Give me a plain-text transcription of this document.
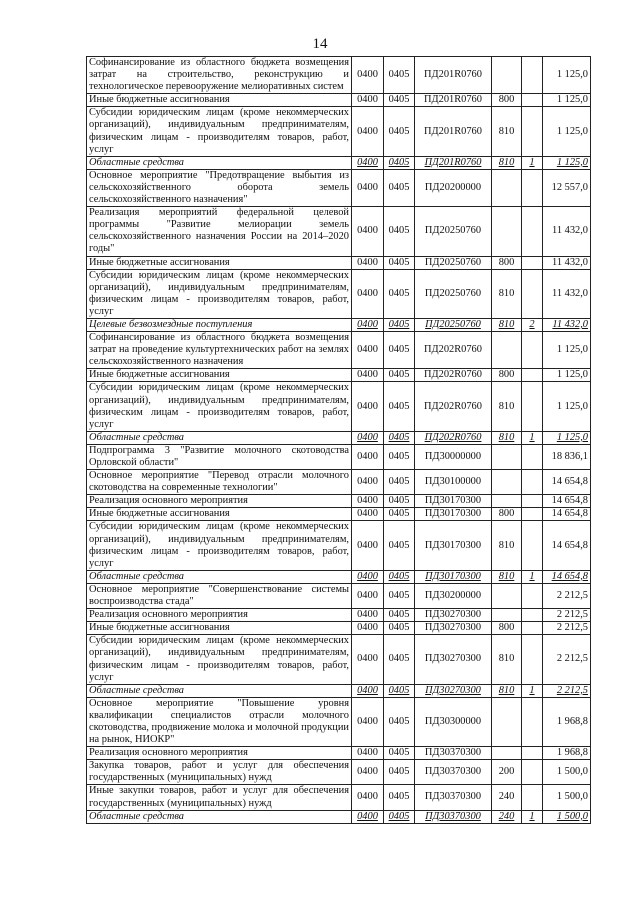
14
Софинансирование из областного бюджета возмещения затрат на строительство, реконструкцию и технологическое перевооружение мелиоративных систем	0400	0405	ПД201R0760			1 125,0
Иные бюджетные ассигнования	0400	0405	ПД201R0760	800		1 125,0
Субсидии юридическим лицам (кроме некоммерческих организаций), индивидуальным предпринимателям, физическим лицам - производителям товаров, работ, услуг	0400	0405	ПД201R0760	810		1 125,0
Областные средства	0400	0405	ПД201R0760	810	1	1 125,0
Основное мероприятие "Предотвращение выбытия из сельскохозяйственного оборота земель сельскохозяйственного назначения"	0400	0405	ПД20200000			12 557,0
Реализация мероприятий федеральной целевой программы "Развитие мелиорации земель сельскохозяйственного назначения России на 2014–2020 годы"	0400	0405	ПД20250760			11 432,0
Иные бюджетные ассигнования	0400	0405	ПД20250760	800		11 432,0
Субсидии юридическим лицам (кроме некоммерческих организаций), индивидуальным предпринимателям, физическим лицам - производителям товаров, работ, услуг	0400	0405	ПД20250760	810		11 432,0
Целевые безвозмездные поступления	0400	0405	ПД20250760	810	2	11 432,0
Софинансирование из областного бюджета возмещения затрат на проведение культуртехнических работ на землях сельскохозяйственного назначения	0400	0405	ПД202R0760			1 125,0
Иные бюджетные ассигнования	0400	0405	ПД202R0760	800		1 125,0
Субсидии юридическим лицам (кроме некоммерческих организаций), индивидуальным предпринимателям, физическим лицам - производителям товаров, работ, услуг	0400	0405	ПД202R0760	810		1 125,0
Областные средства	0400	0405	ПД202R0760	810	1	1 125,0
Подпрограмма 3 "Развитие молочного скотоводства Орловской области"	0400	0405	ПД30000000			18 836,1
Основное мероприятие "Перевод отрасли молочного скотоводства на современные технологии"	0400	0405	ПД30100000			14 654,8
Реализация основного мероприятия	0400	0405	ПД30170300			14 654,8
Иные бюджетные ассигнования	0400	0405	ПД30170300	800		14 654,8
Субсидии юридическим лицам (кроме некоммерческих организаций), индивидуальным предпринимателям, физическим лицам - производителям товаров, работ, услуг	0400	0405	ПД30170300	810		14 654,8
Областные средства	0400	0405	ПД30170300	810	1	14 654,8
Основное мероприятие "Совершенствование системы воспроизводства стада"	0400	0405	ПД30200000			2 212,5
Реализация основного мероприятия	0400	0405	ПД30270300			2 212,5
Иные бюджетные ассигнования	0400	0405	ПД30270300	800		2 212,5
Субсидии юридическим лицам (кроме некоммерческих организаций), индивидуальным предпринимателям, физическим лицам - производителям товаров, работ, услуг	0400	0405	ПД30270300	810		2 212,5
Областные средства	0400	0405	ПД30270300	810	1	2 212,5
Основное мероприятие "Повышение уровня квалификации специалистов отрасли молочного скотоводства, продвижение молока и молочной продукции на рынок, НИОКР"	0400	0405	ПД30300000			1 968,8
Реализация основного мероприятия	0400	0405	ПД30370300			1 968,8
Закупка товаров, работ и услуг для обеспечения государственных (муниципальных) нужд	0400	0405	ПД30370300	200		1 500,0
Иные закупки товаров, работ и услуг для обеспечения государственных (муниципальных) нужд	0400	0405	ПД30370300	240		1 500,0
Областные средства	0400	0405	ПД30370300	240	1	1 500,0
